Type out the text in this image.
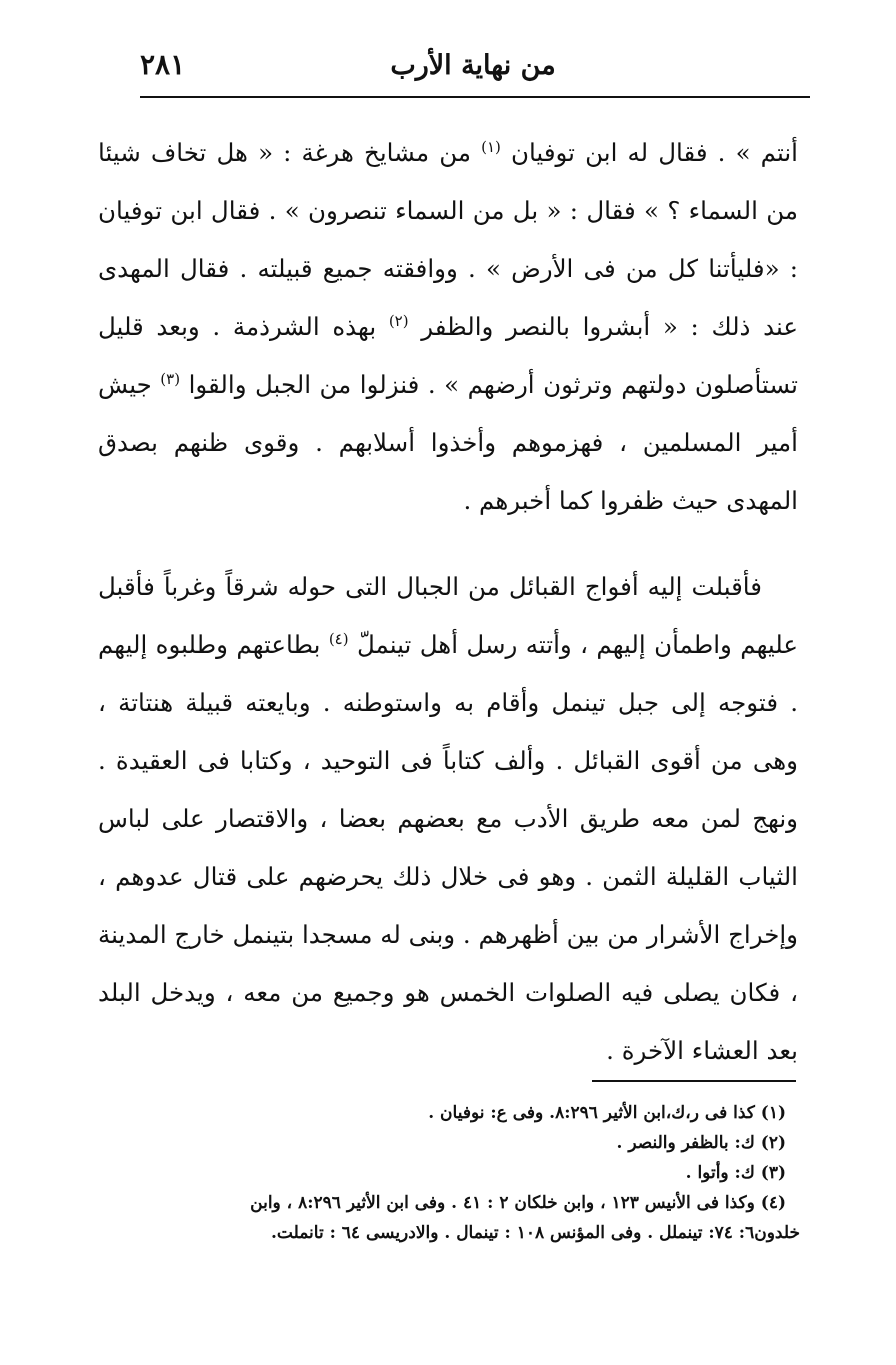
٢٨١	من نهاية الأرب

أنتم » . فقال له ابن توفيان $^{(١)}$ من مشايخ هرغة : « هل تخاف شيئا من السماء ؟ » فقال : « بل من السماء تنصرون » . فقال ابن توفيان : «فليأتنا كل من فى الأرض » . ووافقته جميع قبيلته . فقال المهدى عند ذلك : « أبشروا بالنصر والظفر $^{(٢)}$ بهذه الشرذمة . وبعد قليل تستأصلون دولتهم وترثون أرضهم » . فنزلوا من الجبل والقوا $^{(٣)}$ جيش أمير المسلمين ، فهزموهم وأخذوا أسلابهم . وقوى ظنهم بصدق المهدى حيث ظفروا كما أخبرهم .

فأقبلت إليه أفواج القبائل من الجبال التى حوله شرقاً وغرباً فأقبل عليهم واطمأن إليهم ، وأتته رسل أهل تينملّ $^{(٤)}$ بطاعتهم وطلبوه إليهم . فتوجه إلى جبل تينمل وأقام به واستوطنه . وبايعته قبيلة هنتاتة ، وهى من أقوى القبائل . وألف كتاباً فى التوحيد ، وكتابا فى العقيدة . ونهج لمن معه طريق الأدب مع بعضهم بعضا ، والاقتصار على لباس الثياب القليلة الثمن . وهو فى خلال ذلك يحرضهم على قتال عدوهم ، وإخراج الأشرار من بين أظهرهم . وبنى له مسجدا بتينمل خارج المدينة ، فكان يصلى فيه الصلوات الخمس هو وجميع من معه ، ويدخل البلد بعد العشاء الآخرة .

(١) كذا فى ر،ك،ابن الأثير ٨:٢٩٦. وفى ع: نوفيان .

(٢) ك: بالظفر والنصر .

(٣) ك: وأتوا .

(٤) وكذا فى الأنيس ١٢٣ ، وابن خلكان ٢ : ٤١ . وفى ابن الأثير ٨:٢٩٦ ، وابن

خلدون٦: ٧٤: تينملل . وفى المؤنس ١٠٨ : تينمال . والادريسى ٦٤ : تانملت.
